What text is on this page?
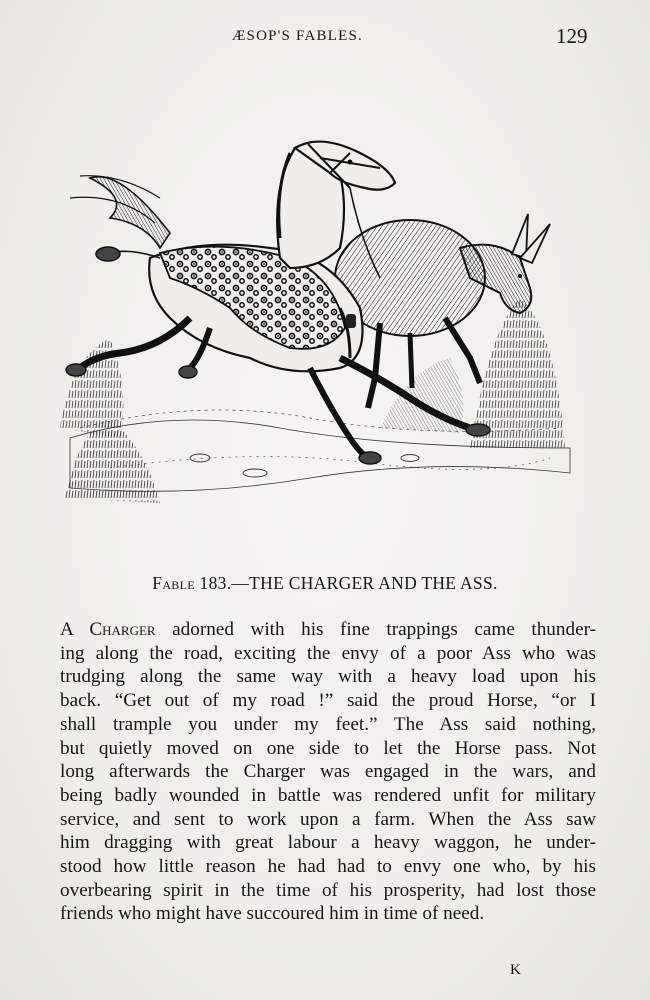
ÆSOP'S FABLES.	129
Fable 183.—THE CHARGER AND THE ASS.
A Charger adorned with his fine trappings came thunder-
ing along the road, exciting the envy of a poor Ass who was
trudging along the same way with a heavy load upon his
back. “Get out of my road !” said the proud Horse, “or I
shall trample you under my feet.” The Ass said nothing,
but quietly moved on one side to let the Horse pass. Not
long afterwards the Charger was engaged in the wars, and
being badly wounded in battle was rendered unfit for military
service, and sent to work upon a farm. When the Ass saw
him dragging with great labour a heavy waggon, he under-
stood how little reason he had had to envy one who, by his
overbearing spirit in the time of his prosperity, had lost those
friends who might have succoured him in time of need.
K
